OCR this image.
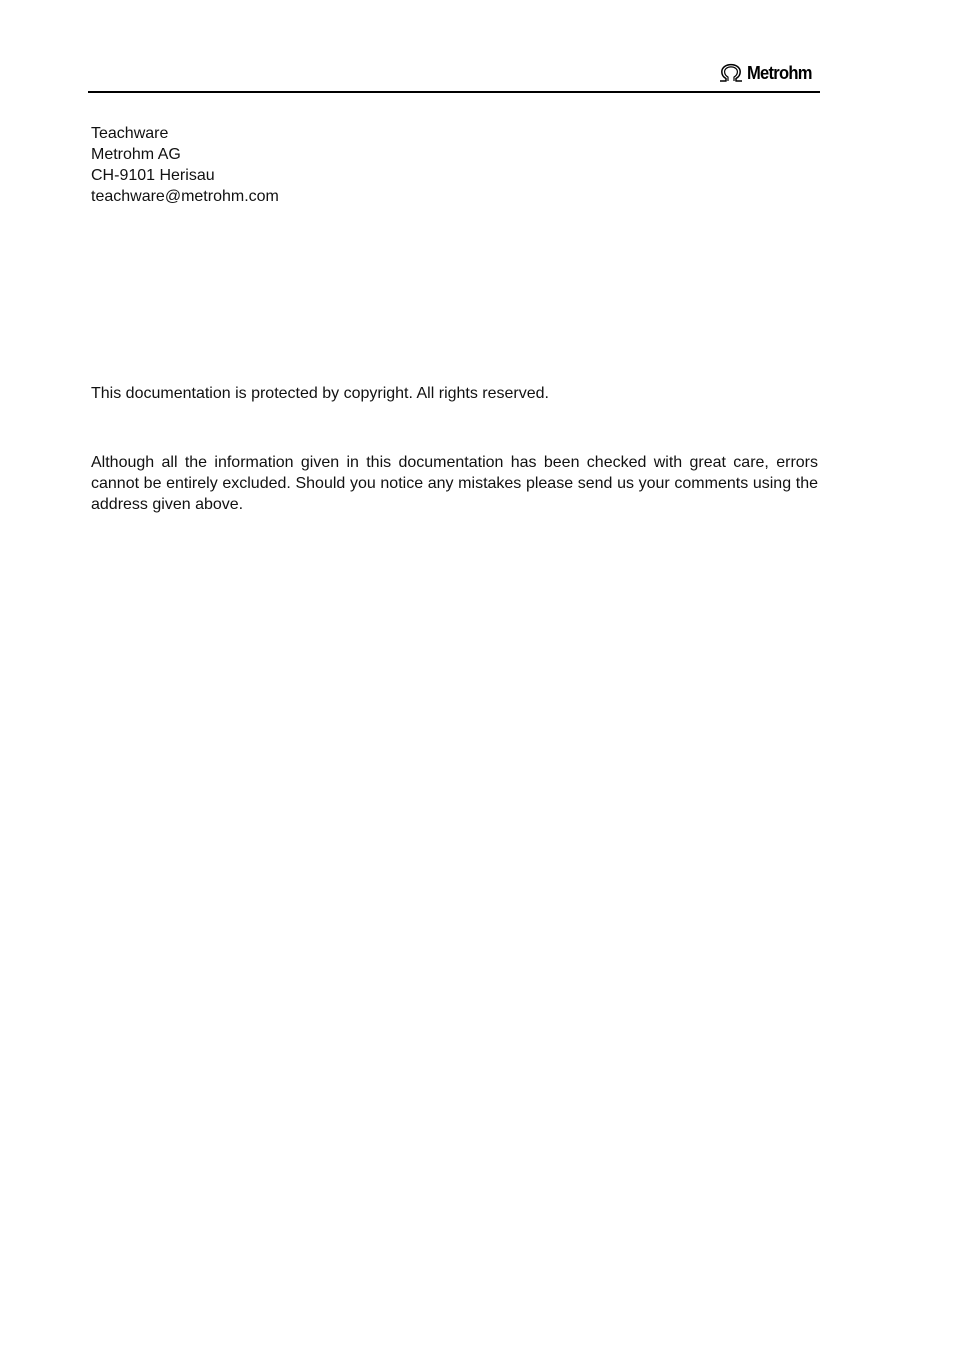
Metrohm
Teachware
Metrohm AG
CH-9101 Herisau
teachware@metrohm.com
This documentation is protected by copyright. All rights reserved.
Although all the information given in this documentation has been checked with great care, errors cannot be entirely excluded. Should you notice any mistakes please send us your comments using the address given above.
